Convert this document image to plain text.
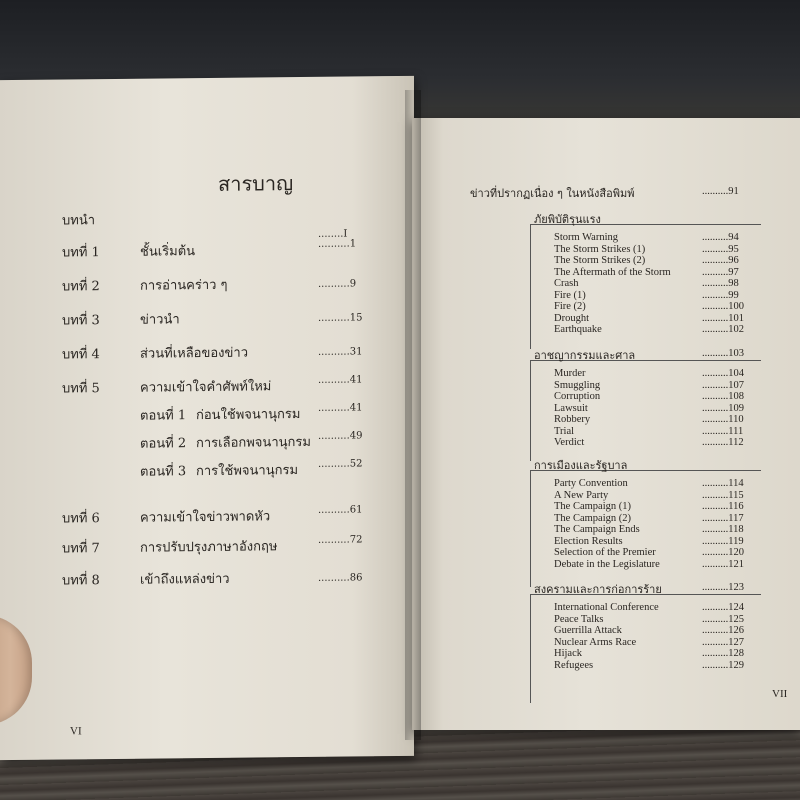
สารบาญ
บทนำ
........I
บทที่ 1	ชั้นเริ่มต้น	..........1
บทที่ 2	การอ่านคร่าว ๆ	..........9
บทที่ 3	ข่าวนำ	..........15
บทที่ 4	ส่วนที่เหลือของข่าว	..........31
บทที่ 5	ความเข้าใจคำศัพท์ใหม่	..........41
ตอนที่ 1 ก่อนใช้พจนานุกรม ..........41
ตอนที่ 2 การเลือกพจนานุกรม ..........49
ตอนที่ 3 การใช้พจนานุกรม ..........52
บทที่ 6	ความเข้าใจข่าวพาดหัว	..........61
บทที่ 7	การปรับปรุงภาษาอังกฤษ	..........72
บทที่ 8	เข้าถึงแหล่งข่าว	..........86
VI
ข่าวที่ปรากฏเนื่อง ๆ ในหนังสือพิมพ์	..........91
ภัยพิบัติรุนแรง
Storm Warning	..........94
The Storm Strikes (1)	..........95
The Storm Strikes (2)	..........96
The Aftermath of the Storm	..........97
Crash	..........98
Fire (1)	..........99
Fire (2)	..........100
Drought	..........101
Earthquake	..........102
อาชญากรรมและศาล	..........103
Murder	..........104
Smuggling	..........107
Corruption	..........108
Lawsuit	..........109
Robbery	..........110
Trial	..........111
Verdict	..........112
การเมืองและรัฐบาล
Party Convention	..........114
A New Party	..........115
The Campaign (1)	..........116
The Campaign (2)	..........117
The Campaign Ends	..........118
Election Results	..........119
Selection of the Premier	..........120
Debate in the Legislature	..........121
สงครามและการก่อการร้าย	..........123
International Conference	..........124
Peace Talks	..........125
Guerrilla Attack	..........126
Nuclear Arms Race	..........127
Hijack	..........128
Refugees	..........129
VII
